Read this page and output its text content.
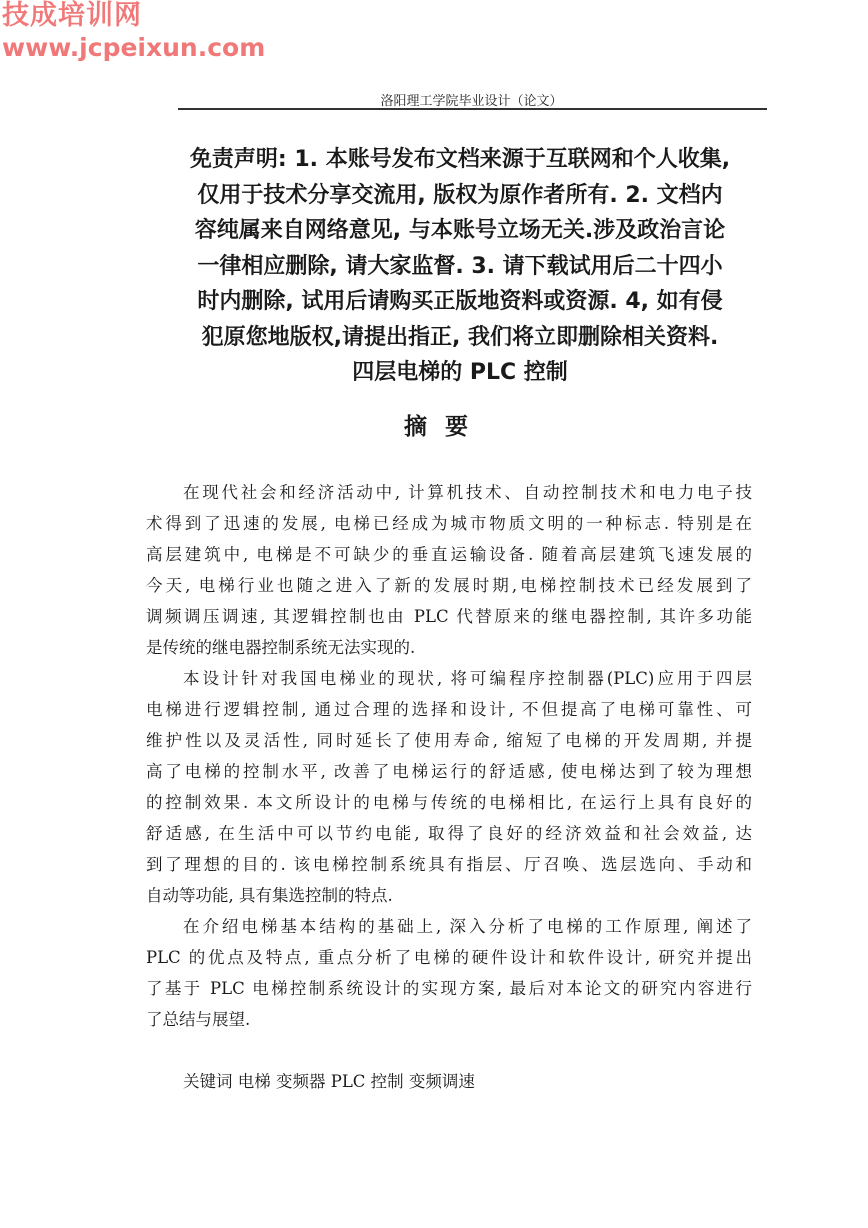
技成培训网
www.jcpeixun.com
洛阳理工学院毕业设计（论文）
免责声明: 1. 本账号发布文档来源于互联网和个人收集,
仅用于技术分享交流用, 版权为原作者所有. 2. 文档内
容纯属来自网络意见, 与本账号立场无关.涉及政治言论
一律相应删除, 请大家监督. 3. 请下载试用后二十四小
时内删除, 试用后请购买正版地资料或资源. 4, 如有侵
犯原您地版权,请提出指正, 我们将立即删除相关资料.
四层电梯的 PLC 控制
摘要
在现代社会和经济活动中, 计算机技术、自动控制技术和电力电子技
术得到了迅速的发展, 电梯已经成为城市物质文明的一种标志. 特别是在
高层建筑中, 电梯是不可缺少的垂直运输设备. 随着高层建筑飞速发展的
今天, 电梯行业也随之进入了新的发展时期,电梯控制技术已经发展到了
调频调压调速, 其逻辑控制也由 PLC 代替原来的继电器控制, 其许多功能
是传统的继电器控制系统无法实现的.
本设计针对我国电梯业的现状, 将可编程序控制器(PLC)应用于四层
电梯进行逻辑控制, 通过合理的选择和设计, 不但提高了电梯可靠性、可
维护性以及灵活性, 同时延长了使用寿命, 缩短了电梯的开发周期, 并提
高了电梯的控制水平, 改善了电梯运行的舒适感, 使电梯达到了较为理想
的控制效果. 本文所设计的电梯与传统的电梯相比, 在运行上具有良好的
舒适感, 在生活中可以节约电能, 取得了良好的经济效益和社会效益, 达
到了理想的目的. 该电梯控制系统具有指层、厅召唤、选层选向、手动和
自动等功能, 具有集选控制的特点.
在介绍电梯基本结构的基础上, 深入分析了电梯的工作原理, 阐述了
PLC 的优点及特点, 重点分析了电梯的硬件设计和软件设计, 研究并提出
了基于 PLC 电梯控制系统设计的实现方案, 最后对本论文的研究内容进行
了总结与展望.
关键词 电梯 变频器 PLC 控制 变频调速
